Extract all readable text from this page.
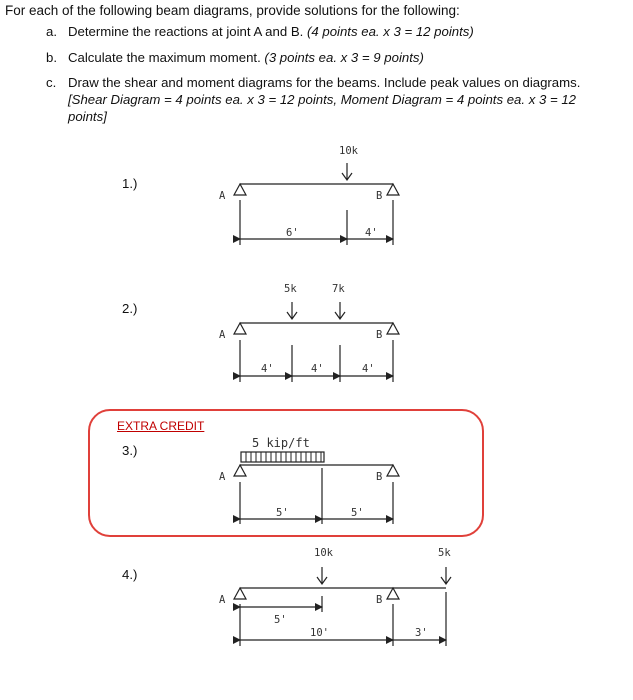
For each of the following beam diagrams, provide solutions for the following:
a. Determine the reactions at joint A and B. (4 points ea. x 3 = 12 points)
b. Calculate the maximum moment. (3 points ea. x 3 = 9 points)
c. Draw the shear and moment diagrams for the beams. Include peak values on diagrams.
[Shear Diagram = 4 points ea. x 3 = 12 points, Moment Diagram = 4 points ea. x 3 = 12
points]
1.)
2.)
3.)
4.)
EXTRA CREDIT
10k
A	B
6'	4'
5k	7k
A	B
4'	4'	4'
5 kip/ft
A	B
5'	5'
10k	5k
A	B
5'
10'	3'
